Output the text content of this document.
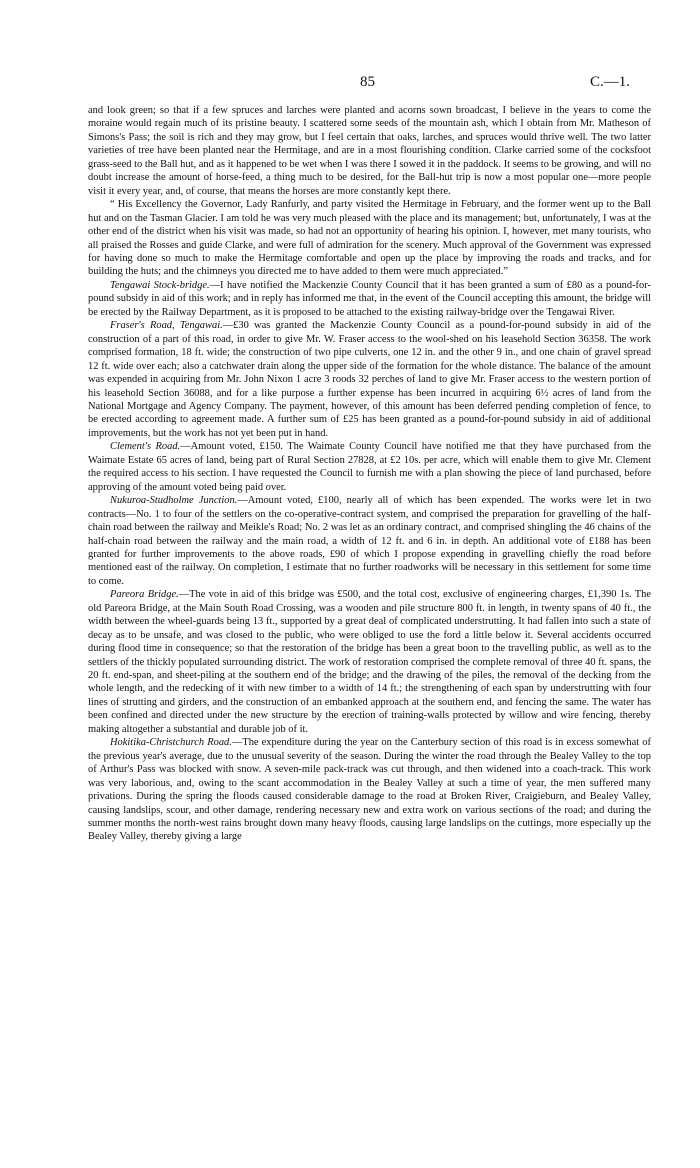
85	C.—1.

and look green; so that if a few spruces and larches were planted and acorns sown broadcast, I believe in the years to come the moraine would regain much of its pristine beauty. I scattered some seeds of the mountain ash, which I obtain from Mr. Matheson of Simons's Pass; the soil is rich and they may grow, but I feel certain that oaks, larches, and spruces would thrive well. The two latter varieties of tree have been planted near the Hermitage, and are in a most flourishing condition. Clarke carried some of the cocksfoot grass-seed to the Ball hut, and as it happened to be wet when I was there I sowed it in the paddock. It seems to be growing, and will no doubt increase the amount of horse-feed, a thing much to be desired, for the Ball-hut trip is now a most popular one—more people visit it every year, and, of course, that means the horses are more constantly kept there.

“ His Excellency the Governor, Lady Ranfurly, and party visited the Hermitage in February, and the former went up to the Ball hut and on the Tasman Glacier. I am told he was very much pleased with the place and its management; but, unfortunately, I was at the other end of the district when his visit was made, so had not an opportunity of hearing his opinion. I, however, met many tourists, who all praised the Rosses and guide Clarke, and were full of admiration for the scenery. Much approval of the Government was expressed for having done so much to make the Hermitage comfortable and open up the place by improving the roads and tracks, and for building the huts; and the chimneys you directed me to have added to them were much appreciated.”

Tengawai Stock-bridge.—I have notified the Mackenzie County Council that it has been granted a sum of £80 as a pound-for-pound subsidy in aid of this work; and in reply has informed me that, in the event of the Council accepting this amount, the bridge will be erected by the Railway Department, as it is proposed to be attached to the existing railway-bridge over the Tengawai River.

Fraser's Road, Tengawai.—£30 was granted the Mackenzie County Council as a pound-for-pound subsidy in aid of the construction of a part of this road, in order to give Mr. W. Fraser access to the wool-shed on his leasehold Section 36358. The work comprised formation, 18 ft. wide; the construction of two pipe culverts, one 12 in. and the other 9 in., and one chain of gravel spread 12 ft. wide over each; also a catchwater drain along the upper side of the formation for the whole distance. The balance of the amount was expended in acquiring from Mr. John Nixon 1 acre 3 roods 32 perches of land to give Mr. Fraser access to the western portion of his leasehold Section 36088, and for a like purpose a further expense has been incurred in acquiring 6½ acres of land from the National Mortgage and Agency Company. The payment, however, of this amount has been deferred pending completion of fence, to be erected according to agreement made. A further sum of £25 has been granted as a pound-for-pound subsidy in aid of additional improvements, but the work has not yet been put in hand.

Clement's Road.—Amount voted, £150. The Waimate County Council have notified me that they have purchased from the Waimate Estate 65 acres of land, being part of Rural Section 27828, at £2 10s. per acre, which will enable them to give Mr. Clement the required access to his section. I have requested the Council to furnish me with a plan showing the piece of land purchased, before approving of the amount voted being paid over.

Nukuroa-Studholme Junction.—Amount voted, £100, nearly all of which has been expended. The works were let in two contracts—No. 1 to four of the settlers on the co-operative-contract system, and comprised the preparation for gravelling of the half-chain road between the railway and Meikle's Road; No. 2 was let as an ordinary contract, and comprised shingling the 46 chains of the half-chain road between the railway and the main road, a width of 12 ft. and 6 in. in depth. An additional vote of £188 has been granted for further improvements to the above roads, £90 of which I propose expending in gravelling chiefly the road before mentioned east of the railway. On completion, I estimate that no further roadworks will be necessary in this settlement for some time to come.

Pareora Bridge.—The vote in aid of this bridge was £500, and the total cost, exclusive of engineering charges, £1,390 1s. The old Pareora Bridge, at the Main South Road Crossing, was a wooden and pile structure 800 ft. in length, in twenty spans of 40 ft., the width between the wheel-guards being 13 ft., supported by a great deal of complicated understrutting. It had fallen into such a state of decay as to be unsafe, and was closed to the public, who were obliged to use the ford a little below it. Several accidents occurred during flood time in consequence; so that the restoration of the bridge has been a great boon to the travelling public, as well as to the settlers of the thickly populated surrounding district. The work of restoration comprised the complete removal of three 40 ft. spans, the 20 ft. end-span, and sheet-piling at the southern end of the bridge; and the drawing of the piles, the removal of the decking from the whole length, and the redecking of it with new timber to a width of 14 ft.; the strengthening of each span by understrutting with four lines of strutting and girders, and the construction of an embanked approach at the southern end, and fencing the same. The water has been confined and directed under the new structure by the erection of training-walls protected by willow and wire fencing, thereby making altogether a substantial and durable job of it.

Hokitika-Christchurch Road.—The expenditure during the year on the Canterbury section of this road is in excess somewhat of the previous year's average, due to the unusual severity of the season. During the winter the road through the Bealey Valley to the top of Arthur's Pass was blocked with snow. A seven-mile pack-track was cut through, and then widened into a coach-track. This work was very laborious, and, owing to the scant accommodation in the Bealey Valley at such a time of year, the men suffered many privations. During the spring the floods caused considerable damage to the road at Broken River, Craigieburn, and Bealey Valley, causing landslips, scour, and other damage, rendering necessary new and extra work on various sections of the road; and during the summer months the north-west rains brought down many heavy floods, causing large landslips on the cuttings, more especially up the Bealey Valley, thereby giving a large
